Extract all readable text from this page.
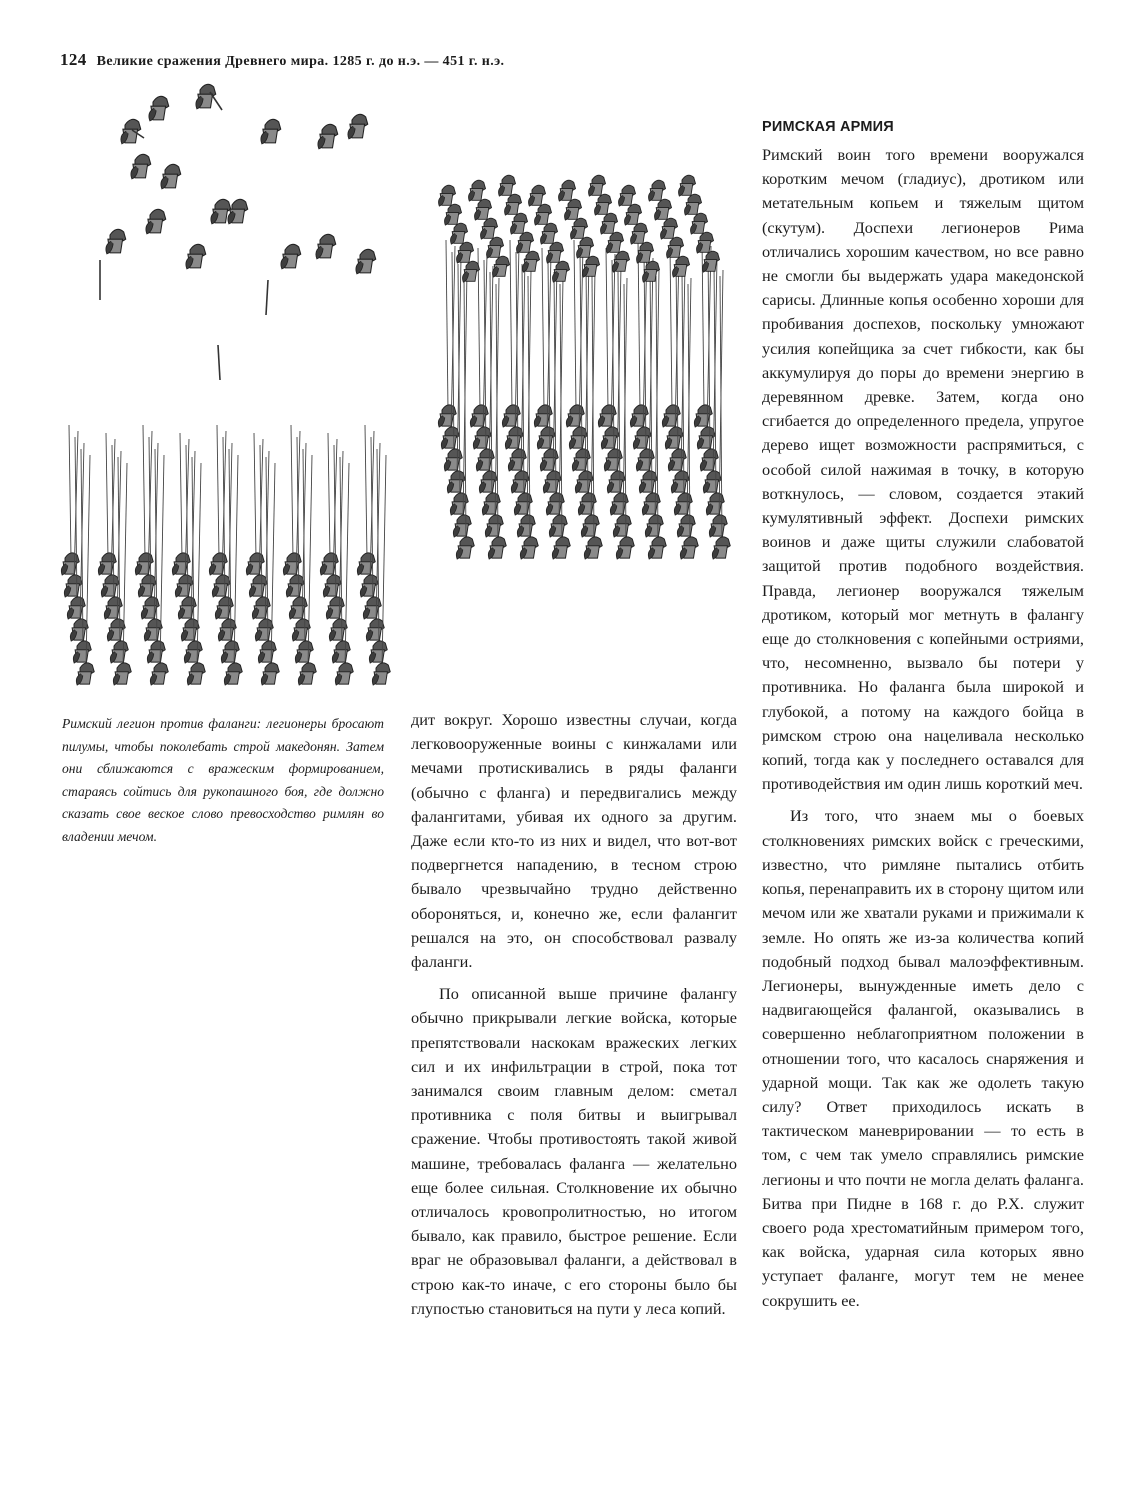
124 Великие сражения Древнего мира. 1285 г. до н.э. — 451 г. н.э.
Римский легион против фаланги: легионеры бросают пилумы, чтобы поколебать строй македонян. Затем они сближаются с вражеским формированием, стараясь сойтись для рукопашного боя, где должно сказать свое веское слово превосходство римлян во владении мечом.

дит вокруг. Хорошо известны случаи, когда легковооруженные воины с кинжалами или мечами протискивались в ряды фаланги (обычно с фланга) и передвигались между фалангитами, убивая их одного за другим. Даже если кто-то из них и видел, что вот-вот подвергнется нападению, в тесном строю бывало чрезвычайно трудно действенно обороняться, и, конечно же, если фалангит решался на это, он способствовал развалу фаланги.

По описанной выше причине фалангу обычно прикрывали легкие войска, которые препятствовали наскокам вражеских легких сил и их инфильтрации в строй, пока тот занимался своим главным делом: сметал противника с поля битвы и выигрывал сражение. Чтобы противостоять такой живой машине, требовалась фаланга — желательно еще более сильная. Столкновение их обычно отличалось кровопролитностью, но итогом бывало, как правило, быстрое решение. Если враг не образовывал фаланги, а действовал в строю как-то иначе, с его стороны было бы глупостью становиться на пути у леса копий.

РИМСКАЯ АРМИЯ

Римский воин того времени вооружался коротким мечом (гладиус), дротиком или метательным копьем и тяжелым щитом (скутум). Доспехи легионеров Рима отличались хорошим качеством, но все равно не смогли бы выдержать удара македонской сарисы. Длинные копья особенно хороши для пробивания доспехов, поскольку умножают усилия копейщика за счет гибкости, как бы аккумулируя до поры до времени энергию в деревянном древке. Затем, когда оно сгибается до определенного предела, упругое дерево ищет возможности распрямиться, с особой силой нажимая в точку, в которую воткнулось, — словом, создается этакий кумулятивный эффект. Доспехи римских воинов и даже щиты служили слабоватой защитой против подобного воздействия. Правда, легионер вооружался тяжелым дротиком, который мог метнуть в фалангу еще до столкновения с копейными остриями, что, несомненно, вызвало бы потери у противника. Но фаланга была широкой и глубокой, а потому на каждого бойца в римском строю она нацеливала несколько копий, тогда как у последнего оставался для противодействия им один лишь короткий меч.

Из того, что знаем мы о боевых столкновениях римских войск с греческими, известно, что римляне пытались отбить копья, перенаправить их в сторону щитом или мечом или же хватали руками и прижимали к земле. Но опять же из-за количества копий подобный подход бывал малоэффективным. Легионеры, вынужденные иметь дело с надвигающейся фалангой, оказывались в совершенно неблагоприятном положении в отношении того, что касалось снаряжения и ударной мощи. Так как же одолеть такую силу? Ответ приходилось искать в тактическом маневрировании — то есть в том, с чем так умело справлялись римские легионы и что почти не могла делать фаланга. Битва при Пидне в 168 г. до Р.Х. служит своего рода хрестоматийным примером того, как войска, ударная сила которых явно уступает фаланге, могут тем не менее сокрушить ее.
